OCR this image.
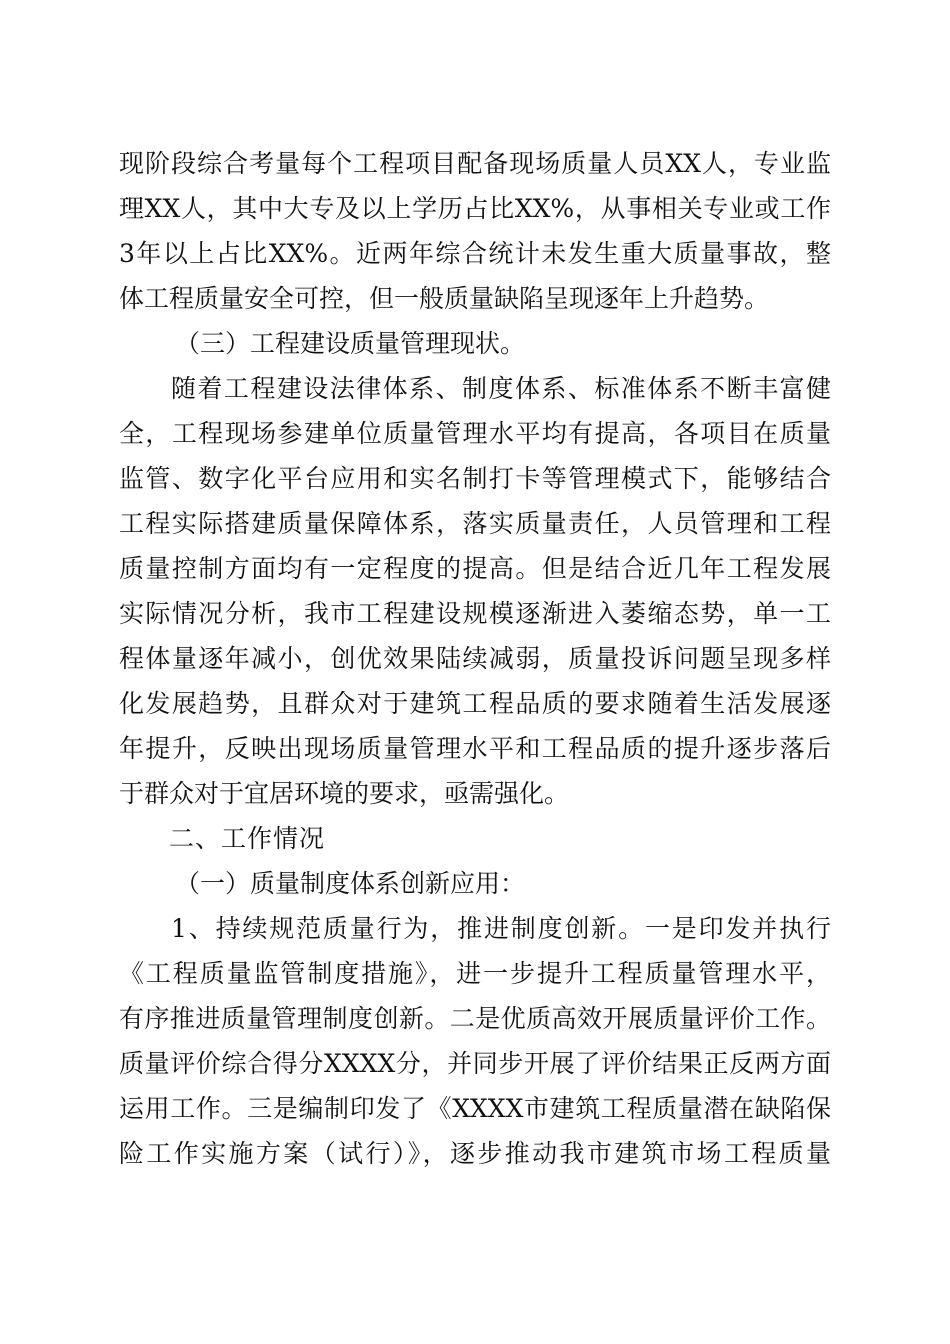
现阶段综合考量每个工程项目配备现场质量人员XX人，专业监
理XX人，其中大专及以上学历占比XX%，从事相关专业或工作
3年以上占比XX%。近两年综合统计未发生重大质量事故，整
体工程质量安全可控，但一般质量缺陷呈现逐年上升趋势。
（三）工程建设质量管理现状。
随着工程建设法律体系、制度体系、标准体系不断丰富健
全，工程现场参建单位质量管理水平均有提高，各项目在质量
监管、数字化平台应用和实名制打卡等管理模式下，能够结合
工程实际搭建质量保障体系，落实质量责任，人员管理和工程
质量控制方面均有一定程度的提高。但是结合近几年工程发展
实际情况分析，我市工程建设规模逐渐进入萎缩态势，单一工
程体量逐年减小，创优效果陆续减弱，质量投诉问题呈现多样
化发展趋势，且群众对于建筑工程品质的要求随着生活发展逐
年提升，反映出现场质量管理水平和工程品质的提升逐步落后
于群众对于宜居环境的要求，亟需强化。
二、工作情况
（一）质量制度体系创新应用：
1、持续规范质量行为，推进制度创新。一是印发并执行
《工程质量监管制度措施》，进一步提升工程质量管理水平，
有序推进质量管理制度创新。二是优质高效开展质量评价工作。
质量评价综合得分XXXX分，并同步开展了评价结果正反两方面
运用工作。三是编制印发了《XXXX市建筑工程质量潜在缺陷保
险工作实施方案（试行）》，逐步推动我市建筑市场工程质量
